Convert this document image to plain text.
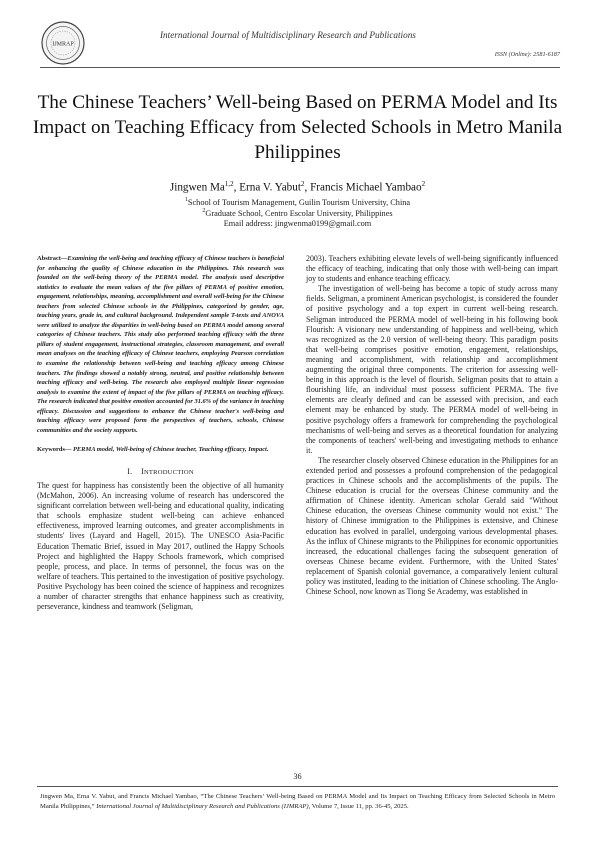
IJMRAP
International Journal of Multidisciplinary Research and Publications
ISSN (Online): 2581-6187
The Chinese Teachers’ Well-being Based on PERMA Model and Its Impact on Teaching Efficacy from Selected Schools in Metro Manila Philippines
Jingwen Ma$^{1,2}$, Erna V. Yabut$^2$, Francis Michael Yambao$^2$
$^1$School of Tourism Management, Guilin Tourism University, China
$^2$Graduate School, Centro Escolar University, Philippines
Email address: jingwenma0199@gmail.com

Abstract—Examining the well-being and teaching efficacy of Chinese teachers is beneficial for enhancing the quality of Chinese education in the Philippines. This research was founded on the well-being theory of the PERMA model. The analysis used descriptive statistics to evaluate the mean values of the five pillars of PERMA of positive emotion, engagement, relationships, meaning, accomplishment and overall well-being for the Chinese teachers from selected Chinese schools in the Philippines, categorized by gender, age, teaching years, grade in, and cultural background. Independent sample T-texts and ANOVA were utilized to analyze the disparities in well-being based on PERMA model among several categories of Chinese teachers. This study also performed teaching efficacy with the three pillars of student engagement, instructional strategies, classroom management, and overall mean analyses on the teaching efficacy of Chinese teachers, employing Pearson correlation to examine the relationship between well-being and teaching efficacy among Chinese teachers. The findings showed a notably strong, neutral, and positive relationship between teaching efficacy and well-being. The research also employed multiple linear regression analysis to examine the extent of impact of the five pillars of PERMA on teaching efficacy. The research indicated that positive emotion accounted for 31.6% of the variance in teaching efficacy. Discussion and suggestions to enhance the Chinese teacher's well-being and teaching efficacy were proposed form the perspectives of teachers, schools, Chinese communities and the society supports.

Keywords— PERMA model, Well-being of Chinese teacher, Teaching efficacy, Impact.

I. INTRODUCTION

The quest for happiness has consistently been the objective of all humanity (McMahon, 2006). An increasing volume of research has underscored the significant correlation between well-being and educational quality, indicating that schools emphasize student well-being can achieve enhanced effectiveness, improved learning outcomes, and greater accomplishments in students' lives (Layard and Hagell, 2015). The UNESCO Asia-Pacific Education Thematic Brief, issued in May 2017, outlined the Happy Schools Project and highlighted the Happy Schools framework, which comprised people, process, and place. In terms of personnel, the focus was on the welfare of teachers. This pertained to the investigation of positive psychology. Positive Psychology has been coined the science of happiness and recognizes a number of character strengths that enhance happiness such as creativity, perseverance, kindness and teamwork (Seligman,

2003). Teachers exhibiting elevate levels of well-being significantly influenced the efficacy of teaching, indicating that only those with well-being can impart joy to students and enhance teaching efficacy.

The investigation of well-being has become a topic of study across many fields. Seligman, a prominent American psychologist, is considered the founder of positive psychology and a top expert in current well-being research. Seligman introduced the PERMA model of well-being in his following book Flourish: A visionary new understanding of happiness and well-being, which was recognized as the 2.0 version of well-being theory. This paradigm posits that well-being comprises positive emotion, engagement, relationships, meaning and accomplishment, with relationship and accomplishment augmenting the original three components. The criterion for assessing well-being in this approach is the level of flourish. Seligman posits that to attain a flourishing life, an individual must possess sufficient PERMA. The five elements are clearly defined and can be assessed with precision, and each element may be enhanced by study. The PERMA model of well-being in positive psychology offers a framework for comprehending the psychological mechanisms of well-being and serves as a theoretical foundation for analyzing the components of teachers' well-being and investigating methods to enhance it.

The researcher closely observed Chinese education in the Philippines for an extended period and possesses a profound comprehension of the pedagogical practices in Chinese schools and the accomplishments of the pupils. The Chinese education is crucial for the overseas Chinese community and the affirmation of Chinese identity. American scholar Gerald said "Without Chinese education, the overseas Chinese community would not exist." The history of Chinese immigration to the Philippines is extensive, and Chinese education has evolved in parallel, undergoing various developmental phases. As the influx of Chinese migrants to the Philippines for economic opportunities increased, the educational challenges facing the subsequent generation of overseas Chinese became evident. Furthermore, with the United States' replacement of Spanish colonial governance, a comparatively lenient cultural policy was instituted, leading to the initiation of Chinese schooling. The Anglo-Chinese School, now known as Tiong Se Academy, was established in

36
Jingwen Ma, Erna V. Yabut, and Francis Michael Yambao, “The Chinese Teachers’ Well-being Based on PERMA Model and Its Impact on Teaching Efficacy from Selected Schools in Metro Manila Philippines,” International Journal of Multidisciplinary Research and Publications (IJMRAP), Volume 7, Issue 11, pp. 36-45, 2025.
